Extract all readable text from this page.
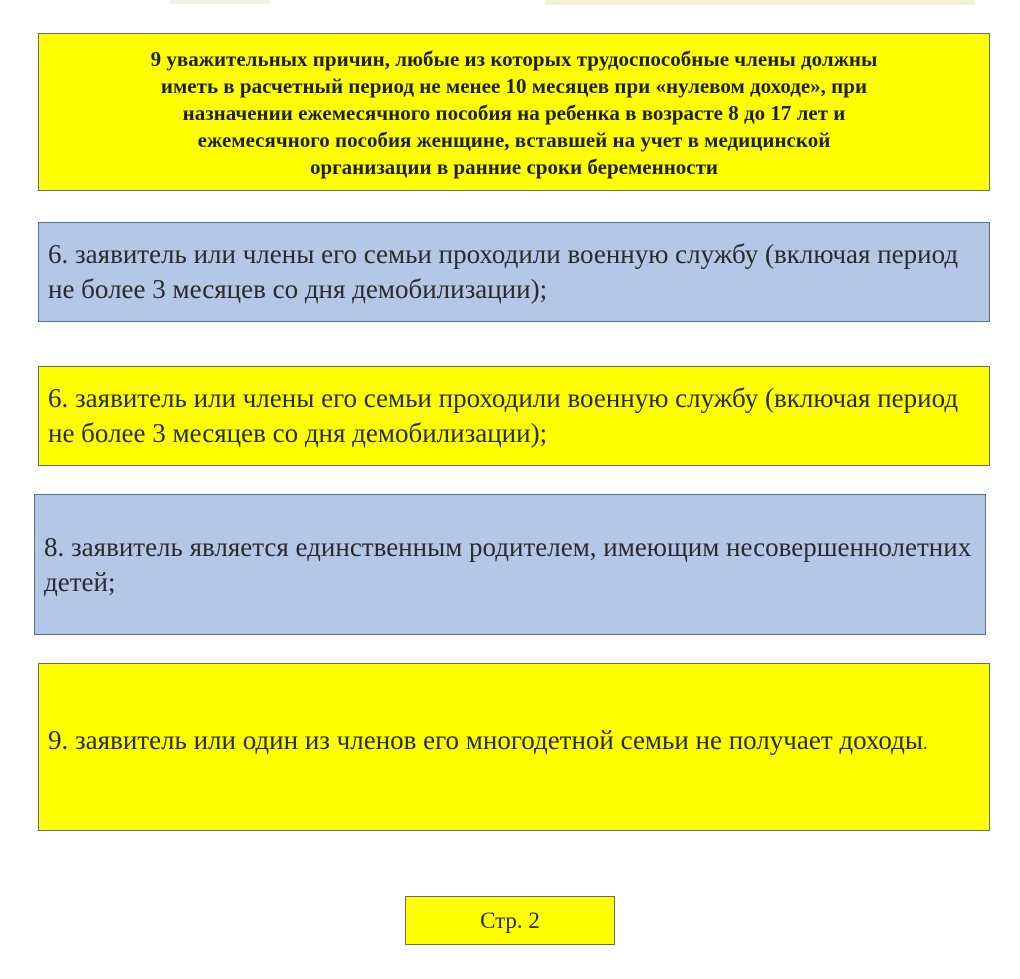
9 уважительных причин, любые из которых трудоспособные члены должны
иметь в расчетный период не менее 10 месяцев при «нулевом доходе», при
назначении ежемесячного пособия на ребенка в возрасте 8 до 17 лет и
ежемесячного пособия женщине, вставшей на учет в медицинской
организации в ранние сроки беременности
6. заявитель или члены его семьи проходили военную службу (включая период не более 3 месяцев со дня демобилизации);
6. заявитель или члены его семьи проходили военную службу (включая период не более 3 месяцев со дня демобилизации);
8. заявитель является единственным родителем, имеющим несовершеннолетних детей;
9. заявитель или один из членов его многодетной семьи не получает доходы.
Стр. 2
